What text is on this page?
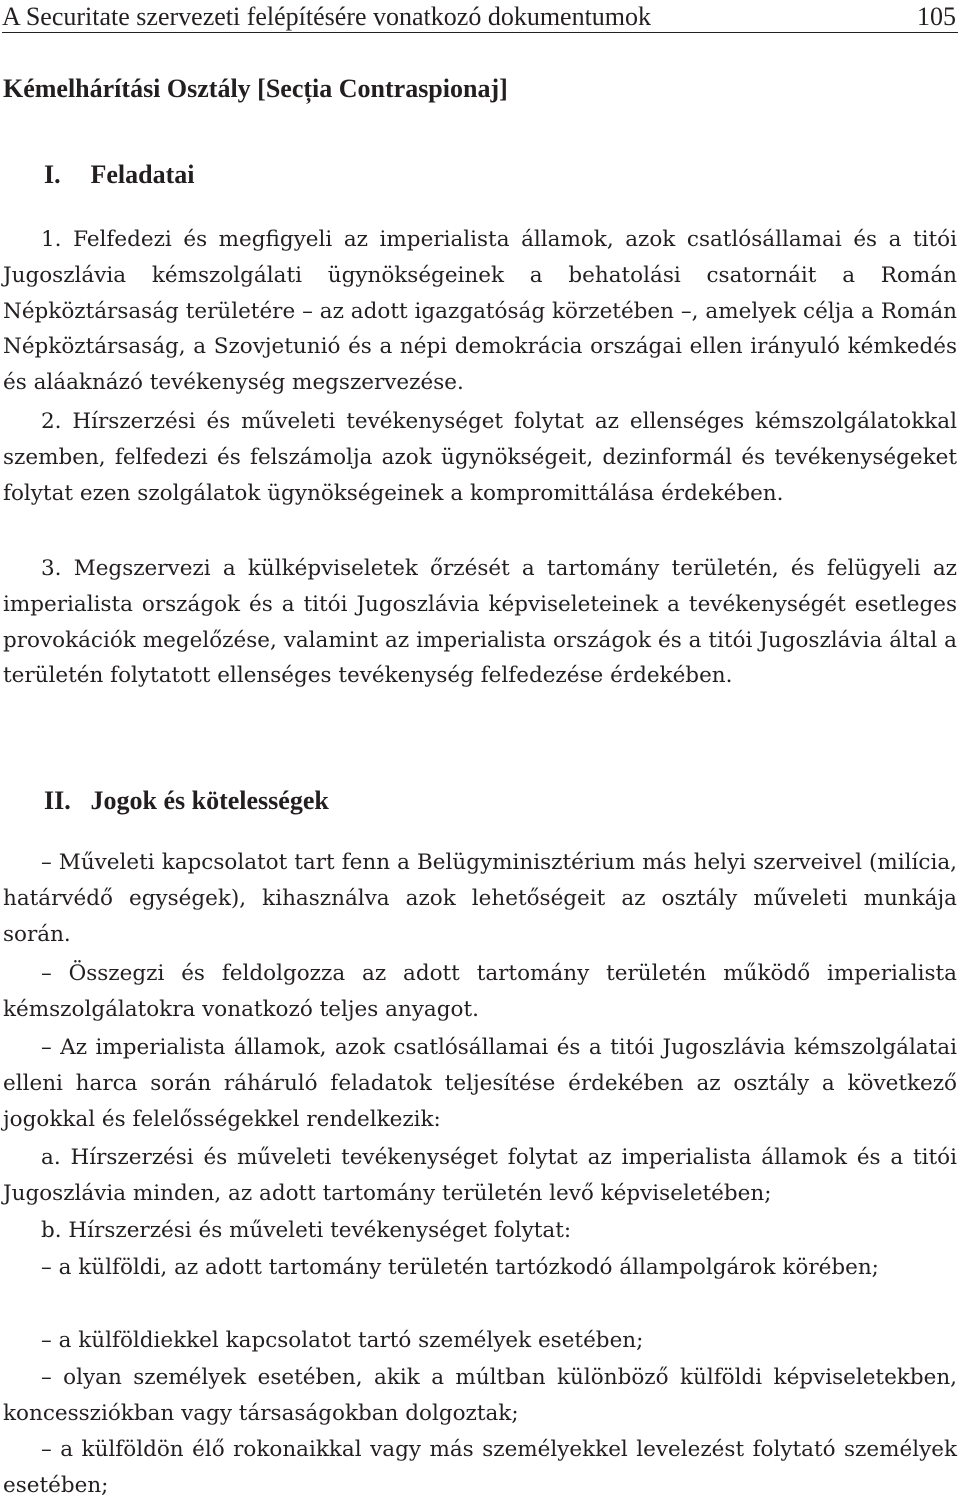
A Securitate szervezeti felépítésére vonatkozó dokumentumok	105
Kémelhárítási Osztály [Secția Contraspionaj]
I. Feladatai

1. Felfedezi és megfigyeli az imperialista államok, azok csatlósállamai és a titói Jugoszlávia kémszolgálati ügynökségeinek a behatolási csatornáit a Román Népköztársaság területére – az adott igazgatóság körzetében –, amelyek célja a Román Népköztársaság, a Szovjetunió és a népi demokrácia országai ellen irányuló kémkedés és aláaknázó tevékenység megszervezése.

2. Hírszerzési és műveleti tevékenységet folytat az ellenséges kémszolgálatokkal szemben, felfedezi és felszámolja azok ügynökségeit, dezinformál és tevékenységeket folytat ezen szolgálatok ügynökségeinek a kompromittálása érdekében.

3. Megszervezi a külképviseletek őrzését a tartomány területén, és felügyeli az imperialista országok és a titói Jugoszlávia képviseleteinek a tevékenységét esetleges provokációk megelőzése, valamint az imperialista országok és a titói Jugoszlávia által a területén folytatott ellenséges tevékenység felfedezése érdekében.

II. Jogok és kötelességek

– Műveleti kapcsolatot tart fenn a Belügyminisztérium más helyi szerveivel (milícia, határvédő egységek), kihasználva azok lehetőségeit az osztály műveleti munkája során.

– Összegzi és feldolgozza az adott tartomány területén működő imperialista kémszolgálatokra vonatkozó teljes anyagot.

– Az imperialista államok, azok csatlósállamai és a titói Jugoszlávia kémszolgálatai elleni harca során ráháruló feladatok teljesítése érdekében az osztály a következő jogokkal és felelősségekkel rendelkezik:

a. Hírszerzési és műveleti tevékenységet folytat az imperialista államok és a titói Jugoszlávia minden, az adott tartomány területén levő képviseletében;

b. Hírszerzési és műveleti tevékenységet folytat:

– a külföldi, az adott tartomány területén tartózkodó állampolgárok körében;

– a külföldiekkel kapcsolatot tartó személyek esetében;

– olyan személyek esetében, akik a múltban különböző külföldi képviseletekben, koncessziókban vagy társaságokban dolgoztak;

– a külföldön élő rokonaikkal vagy más személyekkel levelezést folytató személyek esetében;
